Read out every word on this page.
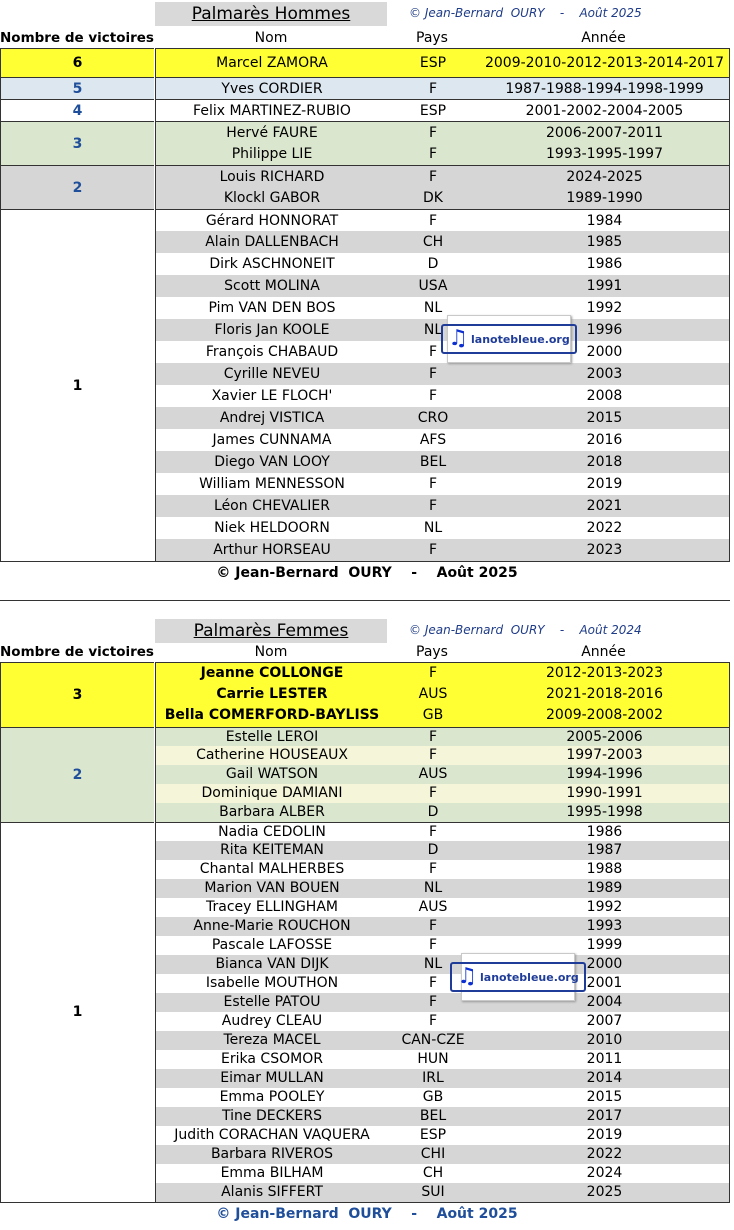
Palmarès Hommes	© Jean-Bernard  OURY    -    Août 2025
Nombre de victoires	Nom	Pays	Année
6	Marcel ZAMORA	ESP	2009-2010-2012-2013-2014-2017
5	Yves CORDIER	F	1987-1988-1994-1998-1999
4	Felix MARTINEZ-RUBIO	ESP	2001-2002-2004-2005
3
Hervé FAURE	F	2006-2007-2011
Philippe LIE	F	1993-1995-1997
2
Louis RICHARD	F	2024-2025
Klockl GABOR	DK	1989-1990
1
Gérard HONNORAT	F	1984
Alain DALLENBACH	CH	1985
Dirk ASCHNONEIT	D	1986
Scott MOLINA	USA	1991
Pim VAN DEN BOS	NL	1992
Floris Jan KOOLE	NL	1996
François CHABAUD	F	2000
Cyrille NEVEU	F	2003
Xavier LE FLOCH'	F	2008
Andrej VISTICA	CRO	2015
James CUNNAMA	AFS	2016
Diego VAN LOOY	BEL	2018
William MENNESSON	F	2019
Léon CHEVALIER	F	2021
Niek HELDOORN	NL	2022
Arthur HORSEAU	F	2023
© Jean-Bernard  OURY    -    Août 2025
♫ lanotebleue.org
Palmarès Femmes	© Jean-Bernard  OURY    -    Août 2024
Nombre de victoires	Nom	Pays	Année
3
Jeanne COLLONGE	F	2012-2013-2023
Carrie LESTER	AUS	2021-2018-2016
Bella COMERFORD-BAYLISS	GB	2009-2008-2002
2
Estelle LEROI	F	2005-2006
Catherine HOUSEAUX	F	1997-2003
Gail WATSON	AUS	1994-1996
Dominique DAMIANI	F	1990-1991
Barbara ALBER	D	1995-1998
1
Nadia CEDOLIN	F	1986
Rita KEITEMAN	D	1987
Chantal MALHERBES	F	1988
Marion VAN BOUEN	NL	1989
Tracey ELLINGHAM	AUS	1992
Anne-Marie ROUCHON	F	1993
Pascale LAFOSSE	F	1999
Bianca VAN DIJK	NL	2000
Isabelle MOUTHON	F	2001
Estelle PATOU	F	2004
Audrey CLEAU	F	2007
Tereza MACEL	CAN-CZE	2010
Erika CSOMOR	HUN	2011
Eimar MULLAN	IRL	2014
Emma POOLEY	GB	2015
Tine DECKERS	BEL	2017
Judith CORACHAN VAQUERA	ESP	2019
Barbara RIVEROS	CHI	2022
Emma BILHAM	CH	2024
Alanis SIFFERT	SUI	2025
© Jean-Bernard  OURY    -    Août 2025
♫ lanotebleue.org
